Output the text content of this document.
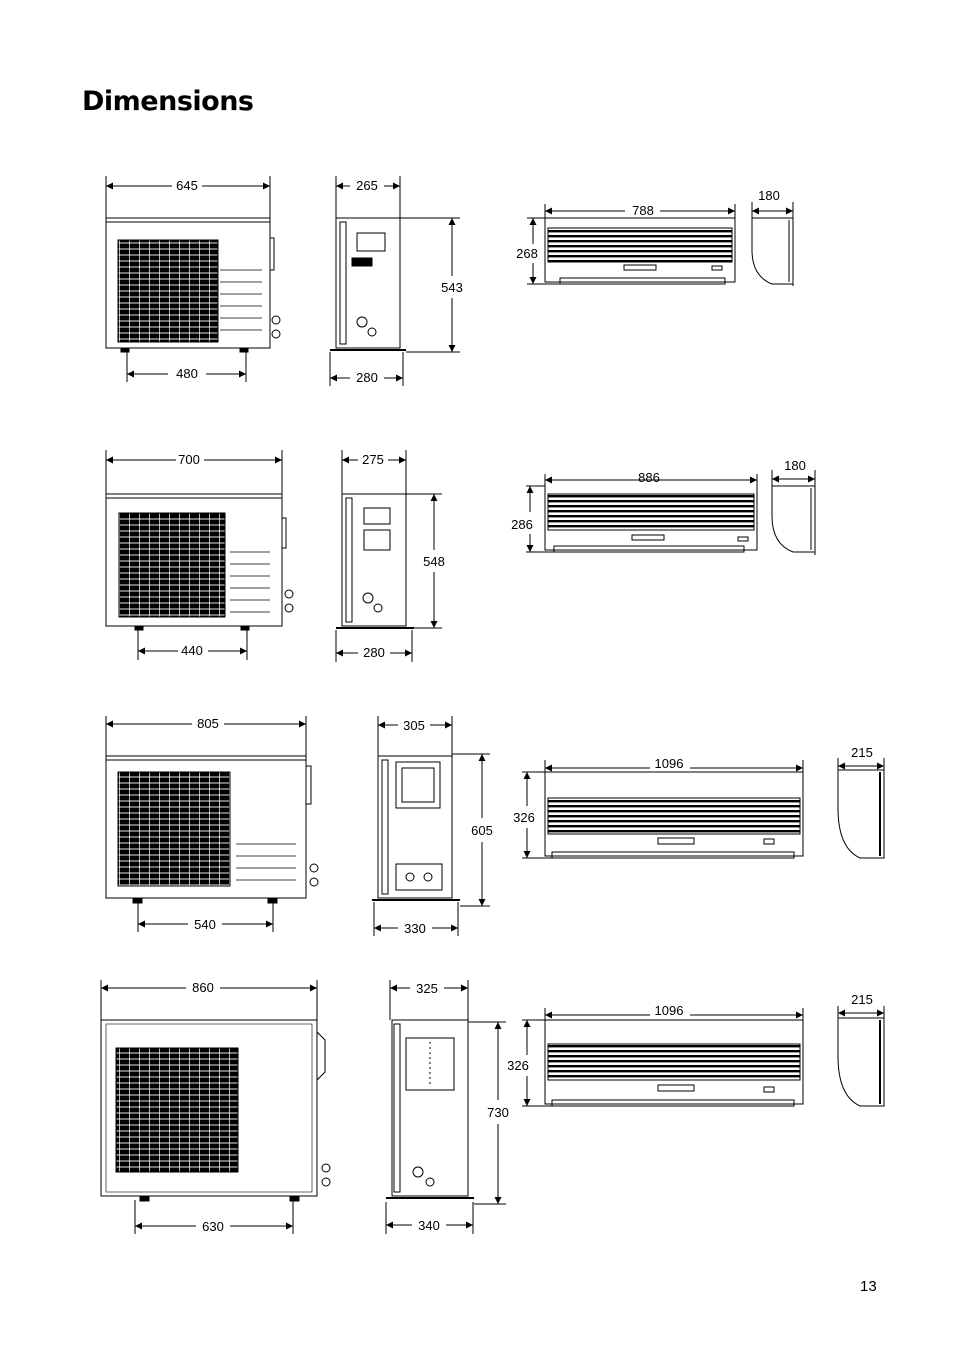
Dimensions
645
480
265
280
543
788
180
268
700
440
275
280
548
886
180
286
805
540
305
330
605
1096
215
326
860
630
325
340
730
1096
215
326
13
